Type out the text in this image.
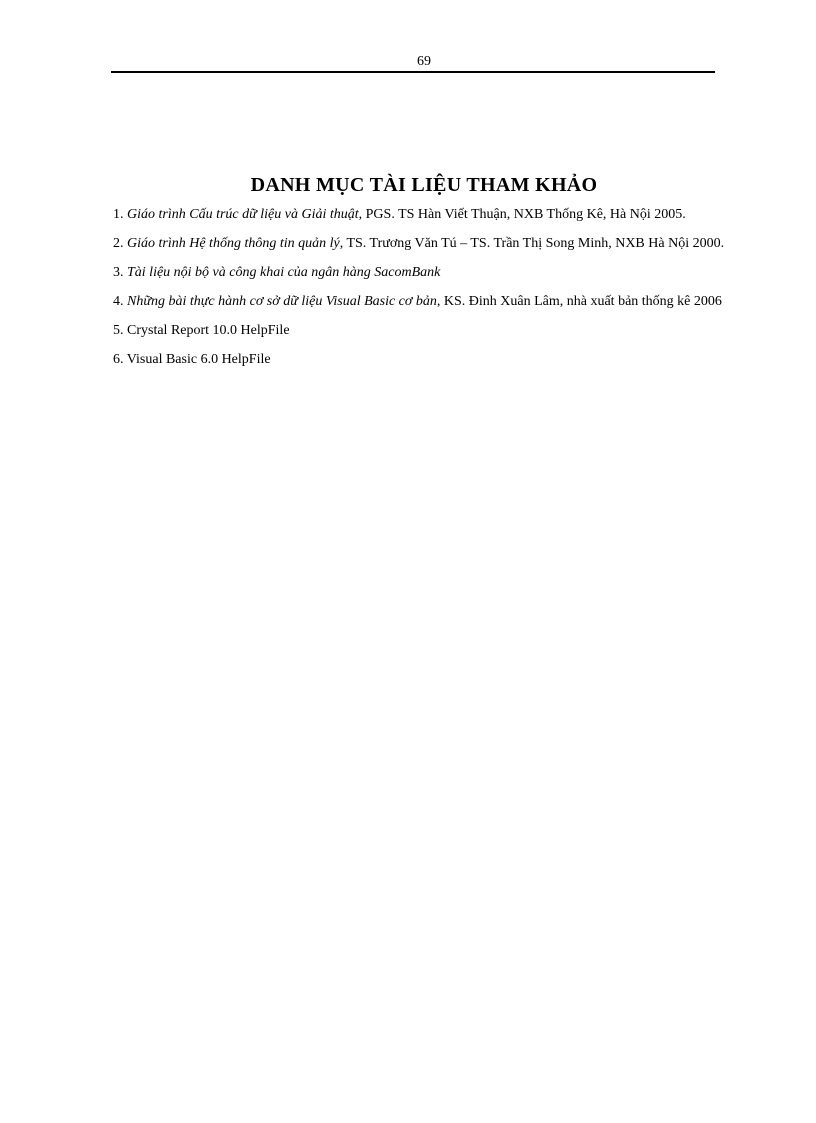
69
DANH MỤC TÀI LIỆU THAM KHẢO
1. Giáo trình Cấu trúc dữ liệu và Giải thuật, PGS. TS Hàn Viết Thuận, NXB Thống Kê, Hà Nội 2005.
2. Giáo trình Hệ thống thông tin quản lý, TS. Trương Văn Tú – TS. Trần Thị Song Minh, NXB Hà Nội 2000.
3. Tài liệu nội bộ và công khai của ngân hàng SacomBank
4. Những bài thực hành cơ sở dữ liệu Visual Basic cơ bản, KS. Đinh Xuân Lâm, nhà xuất bản thống kê 2006
5. Crystal Report 10.0 HelpFile
6. Visual Basic 6.0 HelpFile
